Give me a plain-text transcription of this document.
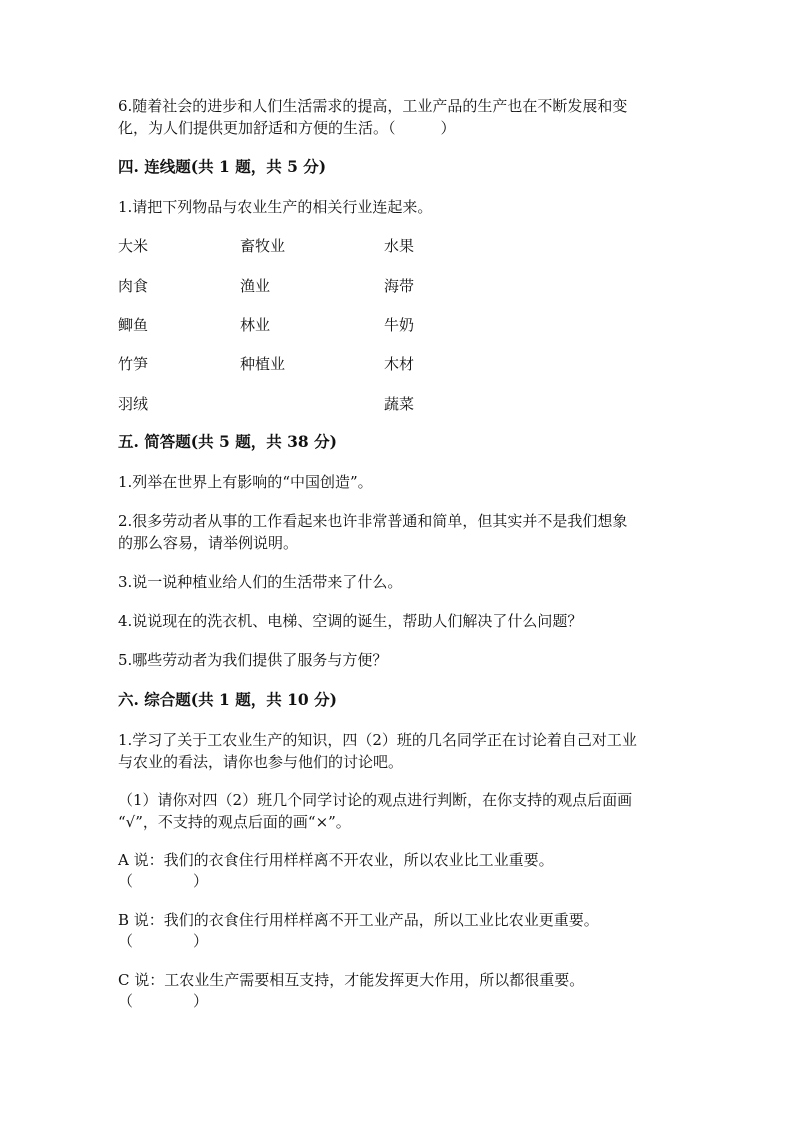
6.随着社会的进步和人们生活需求的提高，工业产品的生产也在不断发展和变
化，为人们提供更加舒适和方便的生活。（　　　）
四. 连线题(共 1 题，共 5 分)
1.请把下列物品与农业生产的相关行业连起来。
大米
肉食
鲫鱼
竹笋
羽绒
畜牧业
渔业
林业
种植业
水果
海带
牛奶
木材
蔬菜
五. 简答题(共 5 题，共 38 分)
1.列举在世界上有影响的“中国创造”。
2.很多劳动者从事的工作看起来也许非常普通和简单，但其实并不是我们想象
的那么容易，请举例说明。
3.说一说种植业给人们的生活带来了什么。
4.说说现在的洗衣机、电梯、空调的诞生，帮助人们解决了什么问题？
5.哪些劳动者为我们提供了服务与方便？
六. 综合题(共 1 题，共 10 分)
1.学习了关于工农业生产的知识，四（2）班的几名同学正在讨论着自己对工业
与农业的看法，请你也参与他们的讨论吧。
（1）请你对四（2）班几个同学讨论的观点进行判断，在你支持的观点后面画
“√”，不支持的观点后面的画“×”。
A 说：我们的衣食住行用样样离不开农业，所以农业比工业重要。
（　　　　）
B 说：我们的衣食住行用样样离不开工业产品，所以工业比农业更重要。
（　　　　）
C 说：工农业生产需要相互支持，才能发挥更大作用，所以都很重要。
（　　　　）
